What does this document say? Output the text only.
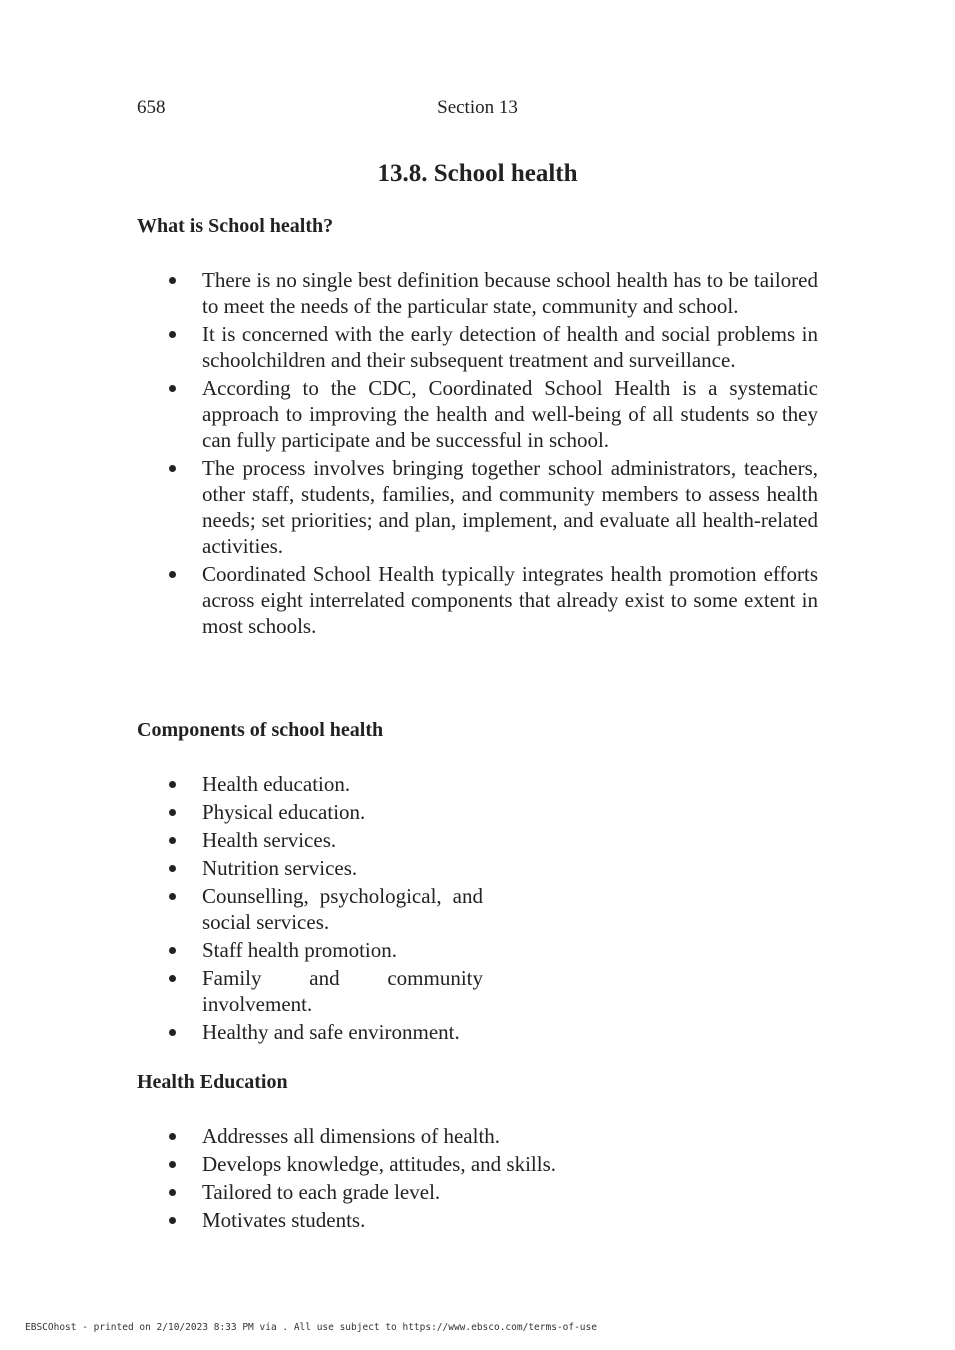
658	Section 13
13.8. School health
What is School health?
There is no single best definition because school health has to be tailored to meet the needs of the particular state, community and school.
It is concerned with the early detection of health and social problems in schoolchildren and their subsequent treatment and surveillance.
According to the CDC, Coordinated School Health is a systematic approach to improving the health and well-being of all students so they can fully participate and be successful in school.
The process involves bringing together school administrators, teachers, other staff, students, families, and community members to assess health needs; set priorities; and plan, implement, and evaluate all health-related activities.
Coordinated School Health typically integrates health promotion efforts across eight interrelated components that already exist to some extent in most schools.
Components of school health
Health education.
Physical education.
Health services.
Nutrition services.
Counselling, psychological, and social services.
Staff health promotion.
Family and community involvement.
Healthy and safe environment.
Health Education
Addresses all dimensions of health.
Develops knowledge, attitudes, and skills.
Tailored to each grade level.
Motivates students.
EBSCOhost - printed on 2/10/2023 8:33 PM via . All use subject to https://www.ebsco.com/terms-of-use
